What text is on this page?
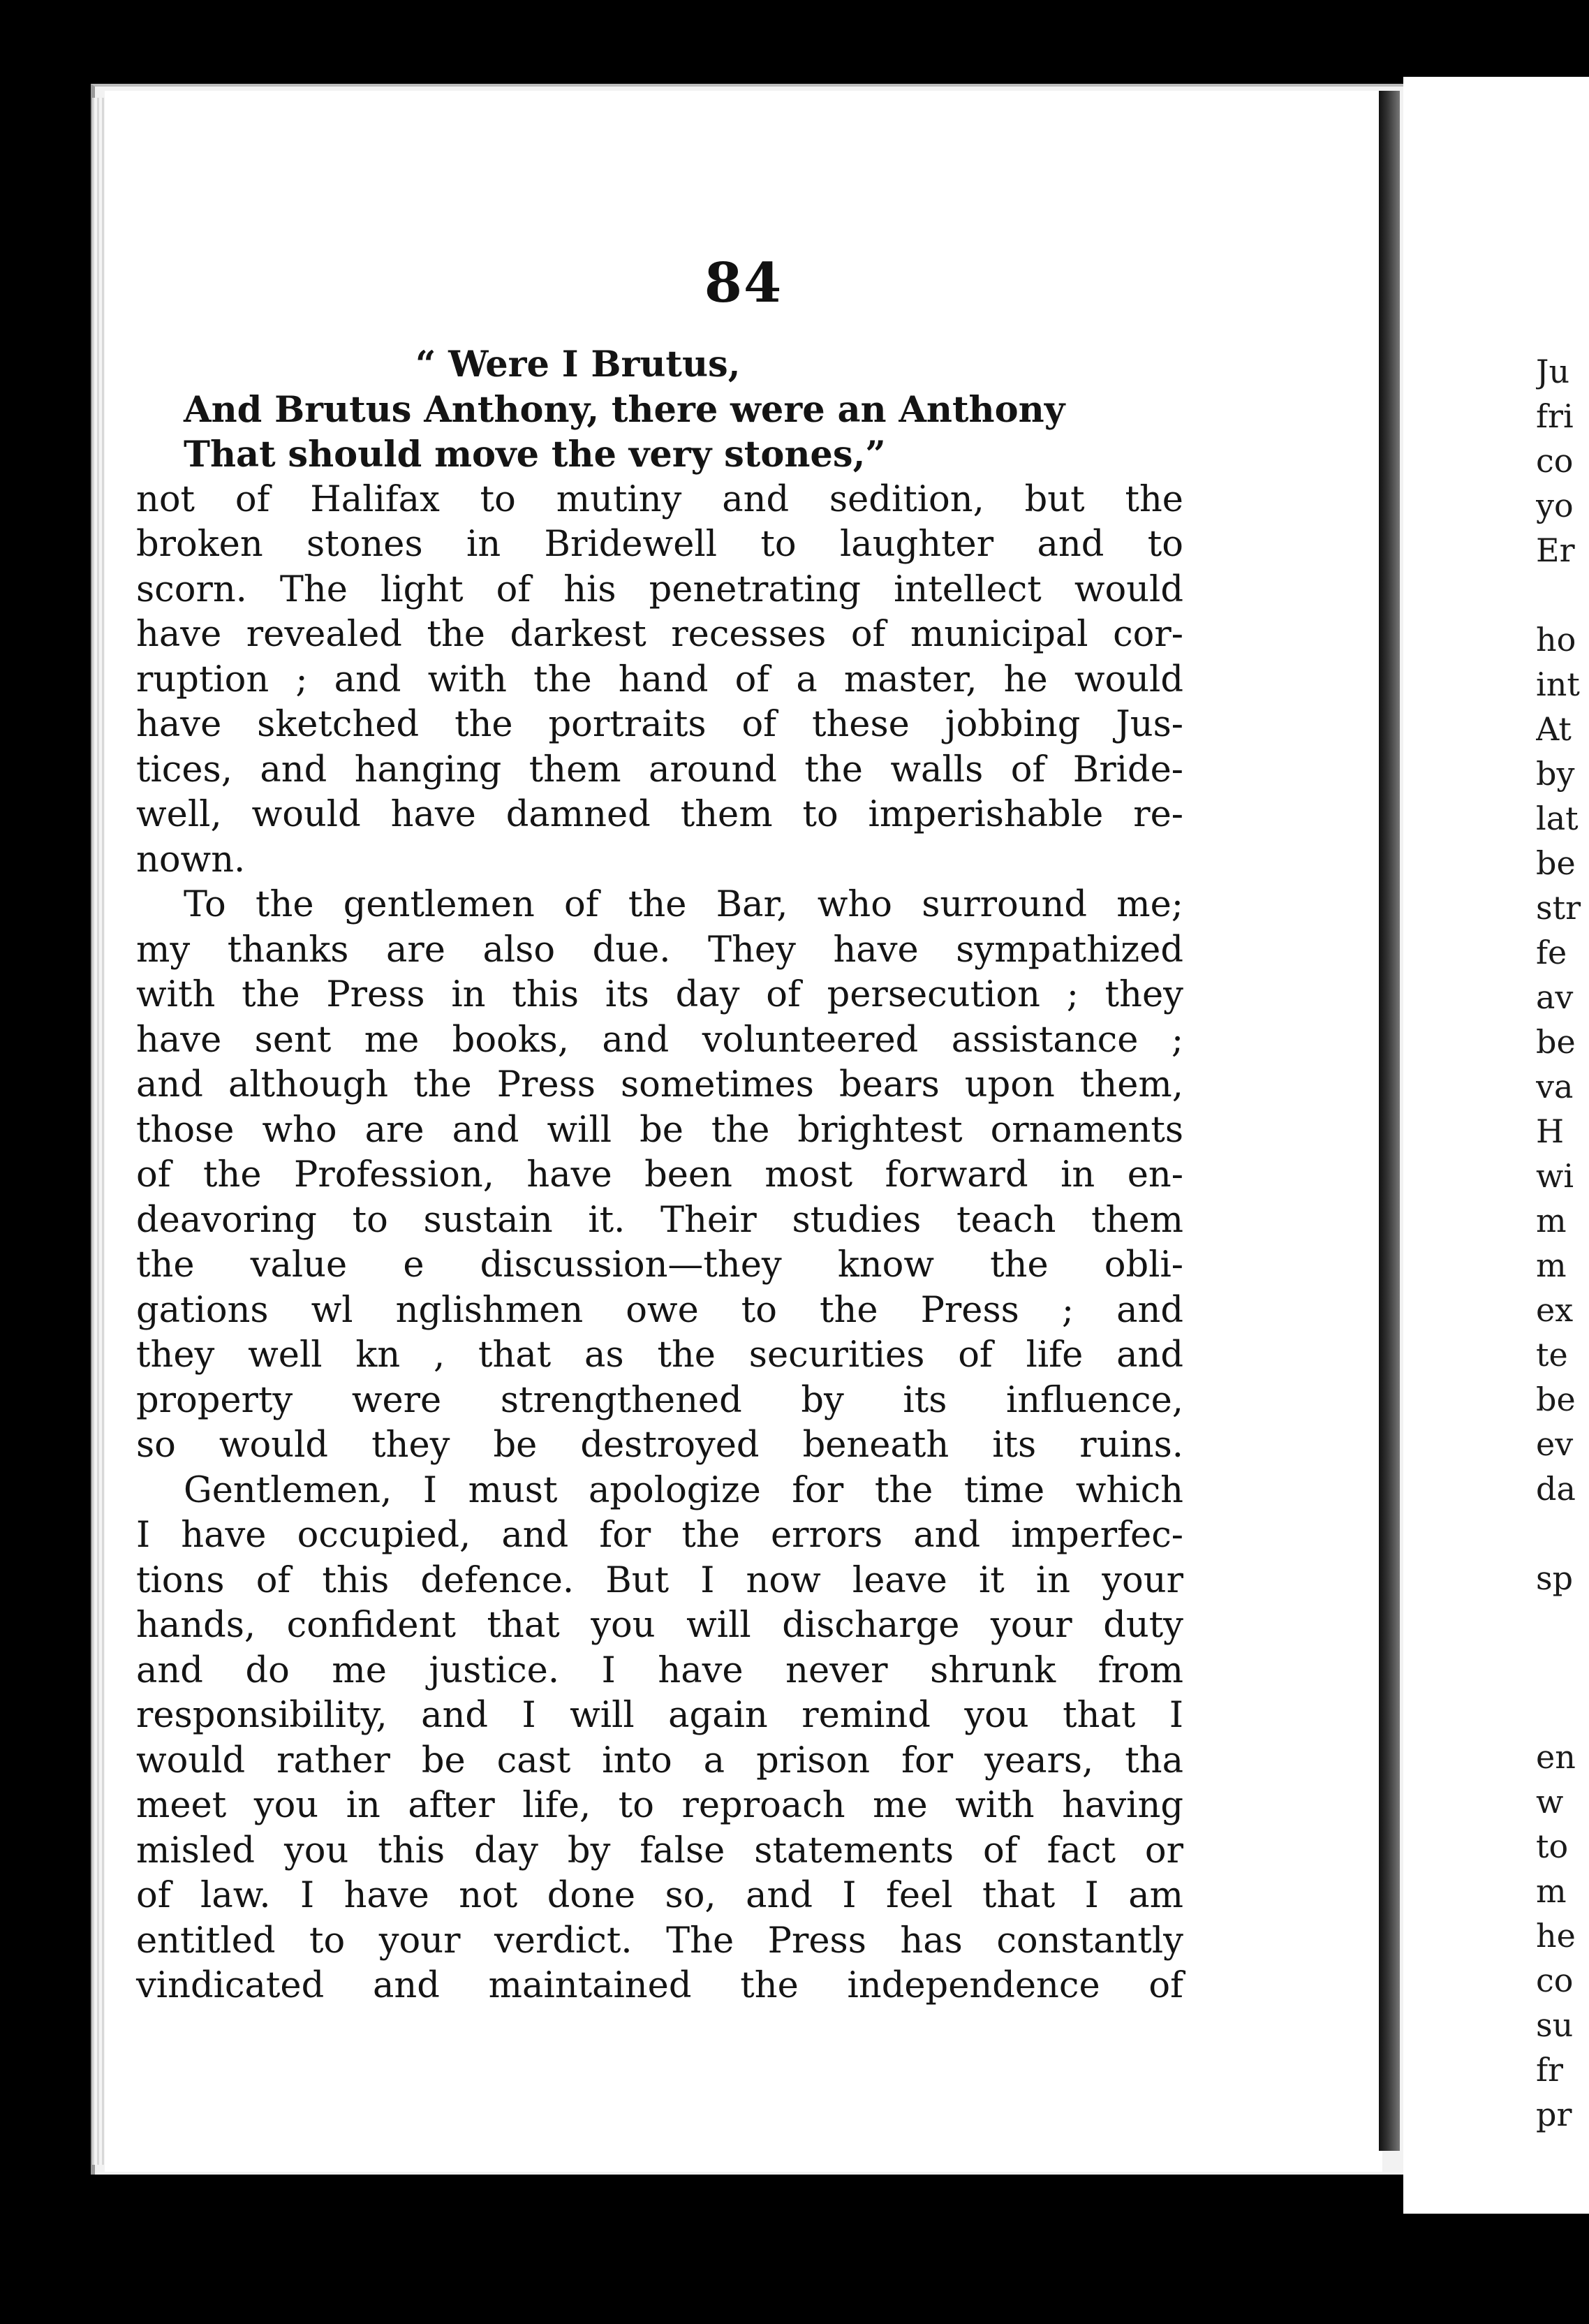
84
“ Were I Brutus,
And Brutus Anthony, there were an Anthony
That should move the very stones,”
not of Halifax to mutiny and sedition, but the
broken stones in Bridewell to laughter and to
scorn. The light of his penetrating intellect would
have revealed the darkest recesses of municipal cor-
ruption ; and with the hand of a master, he would
have sketched the portraits of these jobbing Jus-
tices, and hanging them around the walls of Bride-
well, would have damned them to imperishable re-
nown.
To the gentlemen of the Bar, who surround me;
my thanks are also due. They have sympathized
with the Press in this its day of persecution ; they
have sent me books, and volunteered assistance ;
and although the Press sometimes bears upon them,
those who are and will be the brightest ornaments
of the Profession, have been most forward in en-
deavoring to sustain it. Their studies teach them
the value e discussion—they know the obli-
gations wl nglishmen owe to the Press ; and
they well kn , that as the securities of life and
property were strengthened by its influence,
so would they be destroyed beneath its ruins.
Gentlemen, I must apologize for the time which
I have occupied, and for the errors and imperfec-
tions of this defence. But I now leave it in your
hands, confident that you will discharge your duty
and do me justice. I have never shrunk from
responsibility, and I will again remind you that I
would rather be cast into a prison for years, tha
meet you in after life, to reproach me with having
misled you this day by false statements of fact or
of law. I have not done so, and I feel that I am
entitled to your verdict. The Press has constantly
vindicated and maintained the independence of
Ju
fri
co
yo
Er
ho
int
At
by
lat
be
str
fe
av
be
va
H
wi
m
m
ex
te
be
ev
da
sp
en
w
to
m
he
co
su
fr
pr
